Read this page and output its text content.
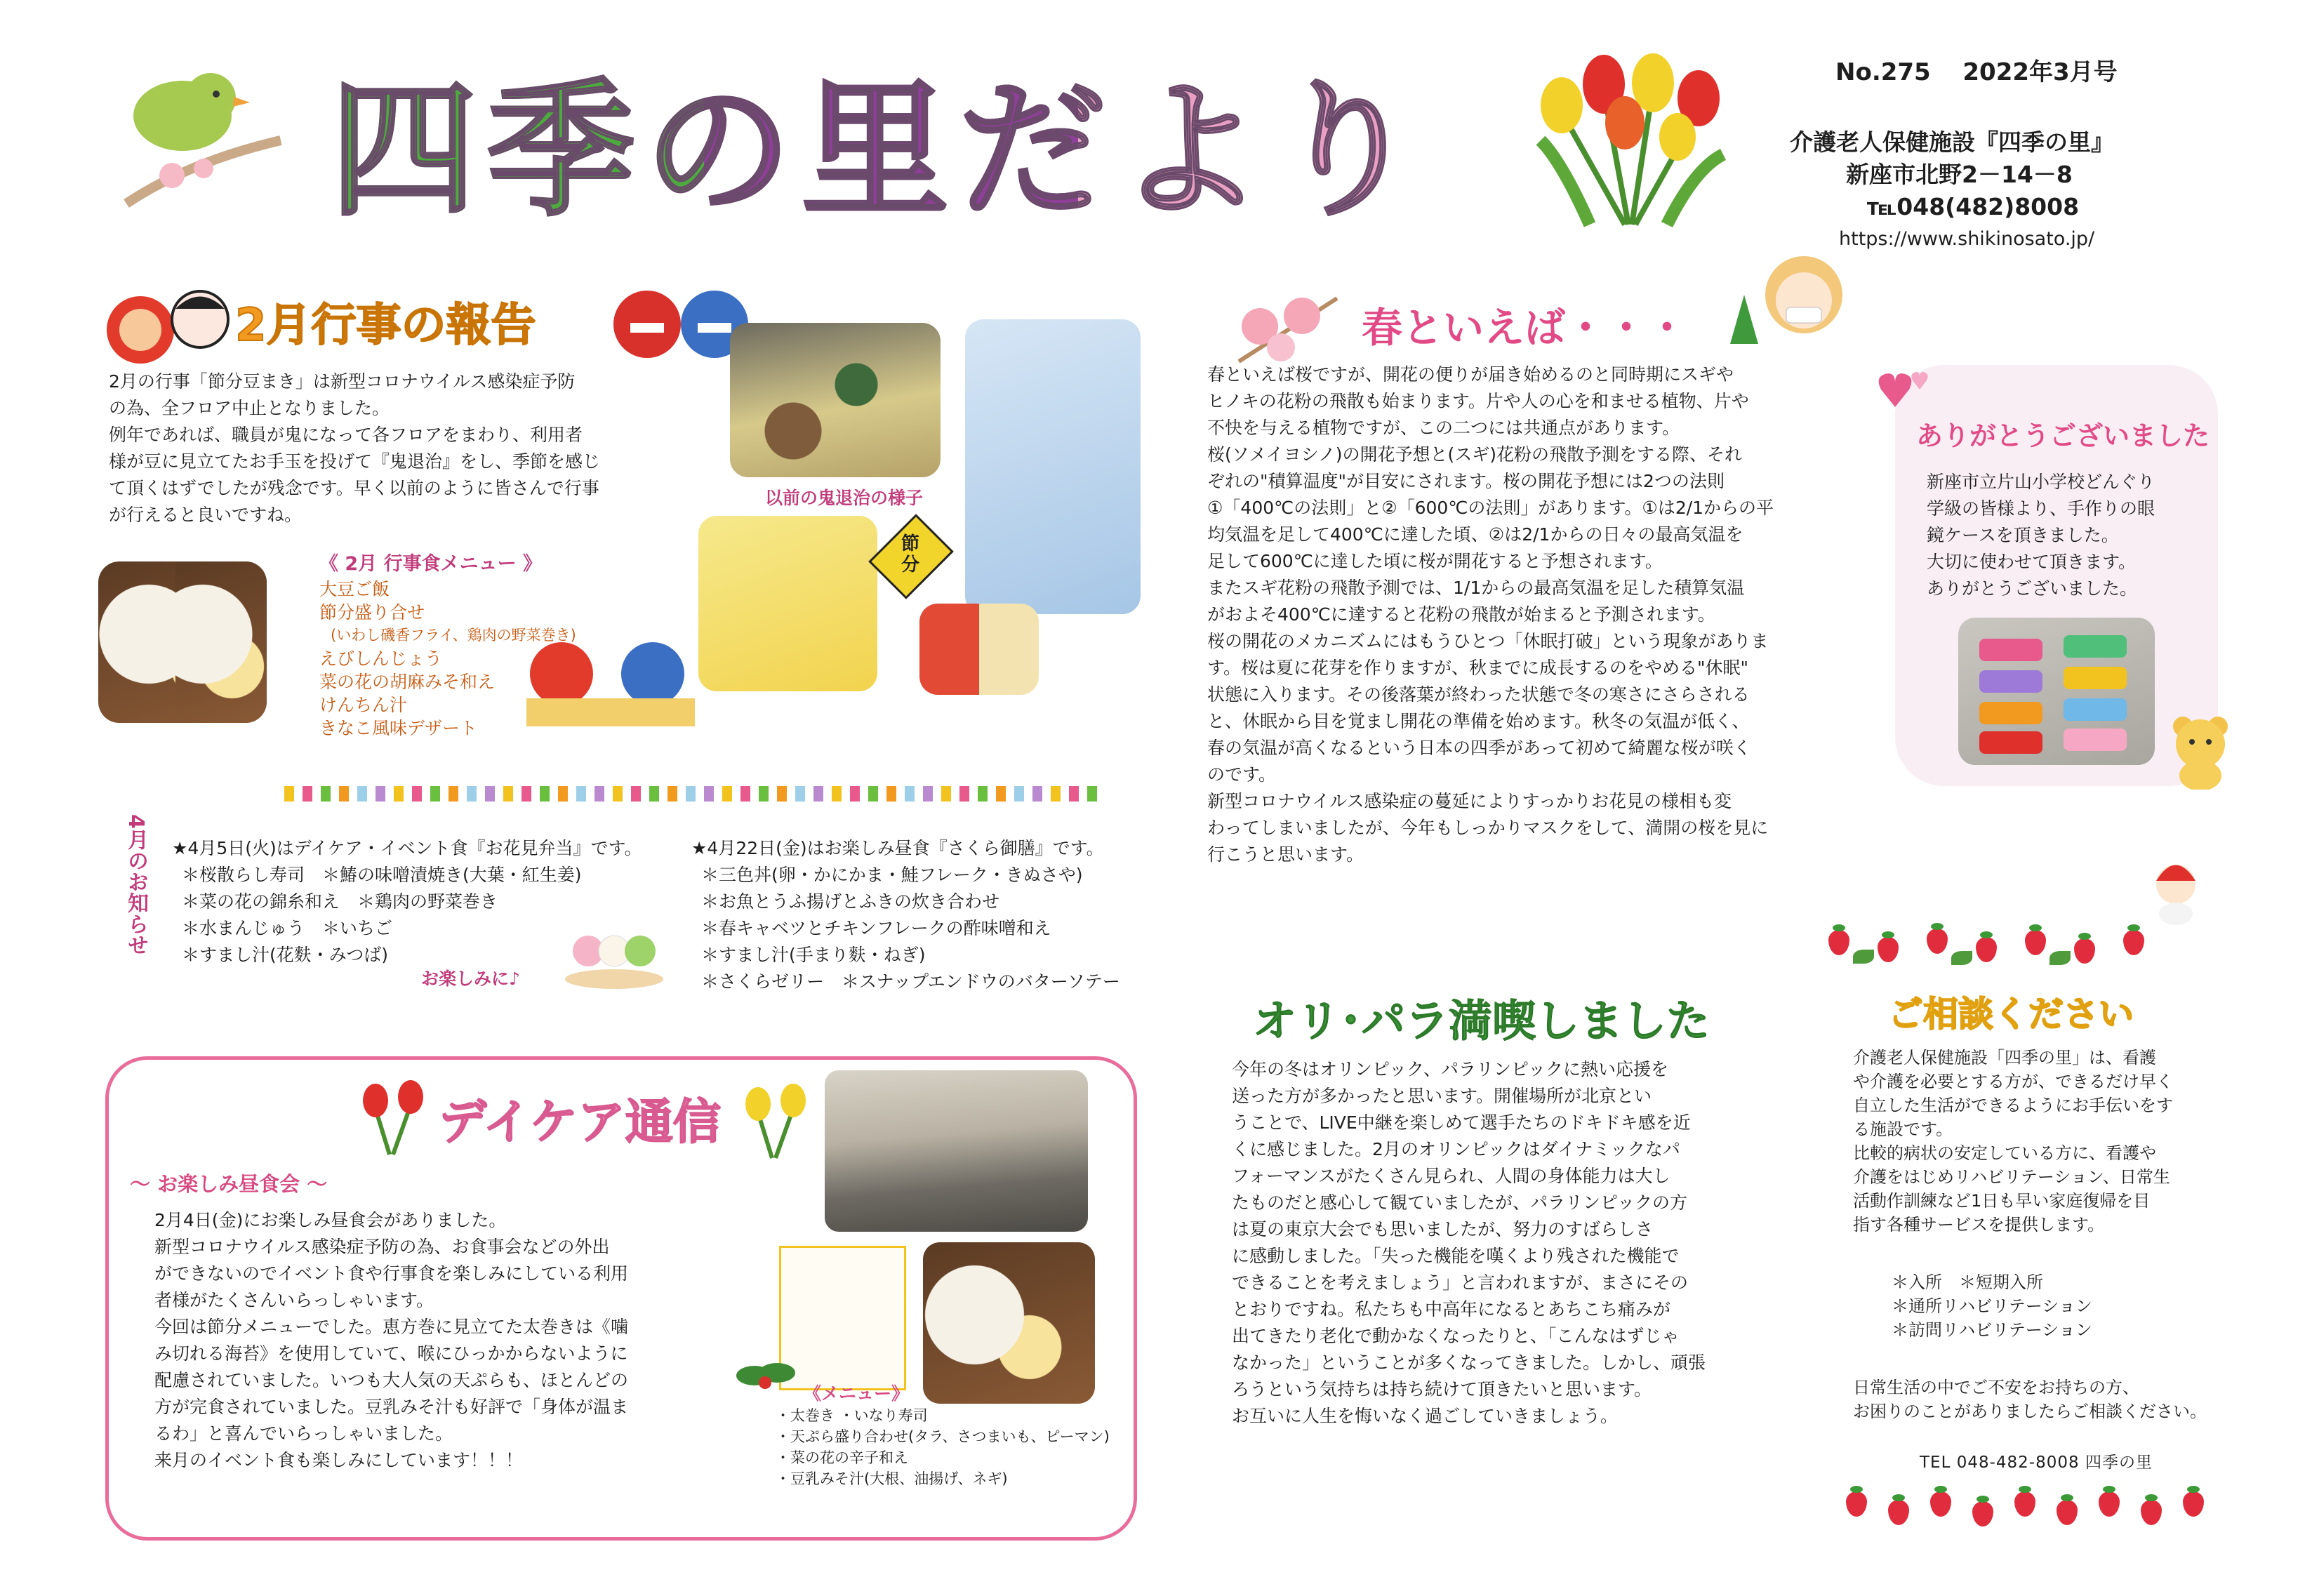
四季の里だより	No.275 2022年3月号
介護老人保健施設『四季の里』
新座市北野2－14－8
℡048(482)8008
https://www.shikinosato.jp/
2月行事の報告

2月の行事「節分豆まき」は新型コロナウイルス感染症予防

の為、全フロア中止となりました。

例年であれば、職員が鬼になって各フロアをまわり、利用者

様が豆に見立てたお手玉を投げて『鬼退治』をし、季節を感じ

て頂くはずでしたが残念です。早く以前のように皆さんで行事

が行えると良いですね。

以前の鬼退治の様子
節分
《 2月 行事食メニュー 》
大豆ご飯
節分盛り合せ
(いわし磯香フライ、鶏肉の野菜巻き)
えびしんじょう
菜の花の胡麻みそ和え
けんちん汁
きなこ風味デザート
4月のお知らせ ★4月5日(火)はデイケア・イベント食『お花見弁当』です。
＊桜散らし寿司　＊鰆の味噌漬焼き(大葉・紅生姜)
＊菜の花の錦糸和え　＊鶏肉の野菜巻き
＊水まんじゅう　＊いちご
＊すまし汁(花麩・みつば)
お楽しみに♪
★4月22日(金)はお楽しみ昼食『さくら御膳』です。
＊三色丼(卵・かにかま・鮭フレーク・きぬさや)
＊お魚とうふ揚げとふきの炊き合わせ
＊春キャベツとチキンフレークの酢味噌和え
＊すまし汁(手まり麩・ねぎ)
＊さくらゼリー　＊スナップエンドウのバターソテー
デイケア通信
～ お楽しみ昼食会 ～

2月4日(金)にお楽しみ昼食会がありました。

新型コロナウイルス感染症予防の為、お食事会などの外出

ができないのでイベント食や行事食を楽しみにしている利用

者様がたくさんいらっしゃいます。

今回は節分メニューでした。恵方巻に見立てた太巻きは《噛

み切れる海苔》を使用していて、喉にひっかからないように

配慮されていました。いつも大人気の天ぷらも、ほとんどの

方が完食されていました。豆乳みそ汁も好評で「身体が温ま

るわ」と喜んでいらっしゃいました。

来月のイベント食も楽しみにしています！！！

《メニュー》
・太巻き ・いなり寿司
・天ぷら盛り合わせ(タラ、さつまいも、ピーマン)
・菜の花の辛子和え
・豆乳みそ汁(大根、油揚げ、ネギ)
春といえば・・・

春といえば桜ですが、開花の便りが届き始めるのと同時期にスギや

ヒノキの花粉の飛散も始まります。片や人の心を和ませる植物、片や

不快を与える植物ですが、この二つには共通点があります。

桜(ソメイヨシノ)の開花予想と(スギ)花粉の飛散予測をする際、それ

ぞれの"積算温度"が目安にされます。桜の開花予想には2つの法則

①「400℃の法則」と②「600℃の法則」があります。①は2/1からの平

均気温を足して400℃に達した頃、②は2/1からの日々の最高気温を

足して600℃に達した頃に桜が開花すると予想されます。

またスギ花粉の飛散予測では、1/1からの最高気温を足した積算気温

がおよそ400℃に達すると花粉の飛散が始まると予測されます。

桜の開花のメカニズムにはもうひとつ「休眠打破」という現象がありま

す。桜は夏に花芽を作りますが、秋までに成長するのをやめる"休眠"

状態に入ります。その後落葉が終わった状態で冬の寒さにさらされる

と、休眠から目を覚まし開花の準備を始めます。秋冬の気温が低く、

春の気温が高くなるという日本の四季があって初めて綺麗な桜が咲く

のです。

新型コロナウイルス感染症の蔓延によりすっかりお花見の様相も変

わってしまいましたが、今年もしっかりマスクをして、満開の桜を見に

行こうと思います。

オリ･パラ満喫しました

今年の冬はオリンピック、パラリンピックに熱い応援を

送った方が多かったと思います。開催場所が北京とい

うことで、LIVE中継を楽しめて選手たちのドキドキ感を近

くに感じました。2月のオリンピックはダイナミックなパ

フォーマンスがたくさん見られ、人間の身体能力は大し

たものだと感心して観ていましたが、パラリンピックの方

は夏の東京大会でも思いましたが、努力のすばらしさ

に感動しました。「失った機能を嘆くより残された機能で

できることを考えましょう」と言われますが、まさにその

とおりですね。私たちも中高年になるとあちこち痛みが

出てきたり老化で動かなくなったりと、「こんなはずじゃ

なかった」ということが多くなってきました。しかし、頑張

ろうという気持ちは持ち続けて頂きたいと思います。

お互いに人生を悔いなく過ごしていきましょう。

ありがとうございました

新座市立片山小学校どんぐり

学級の皆様より、手作りの眼

鏡ケースを頂きました。

大切に使わせて頂きます。

ありがとうございました。

ご相談ください
介護老人保健施設「四季の里」は、看護
や介護を必要とする方が、できるだけ早く
自立した生活ができるようにお手伝いをす
る施設です。
比較的病状の安定している方に、看護や
介護をはじめリハビリテーション、日常生
活動作訓練など1日も早い家庭復帰を目
指す各種サービスを提供します。
＊入所　＊短期入所
＊通所リハビリテーション
＊訪問リハビリテーション
日常生活の中でご不安をお持ちの方、
お困りのことがありましたらご相談ください。
TEL 048-482-8008 四季の里
